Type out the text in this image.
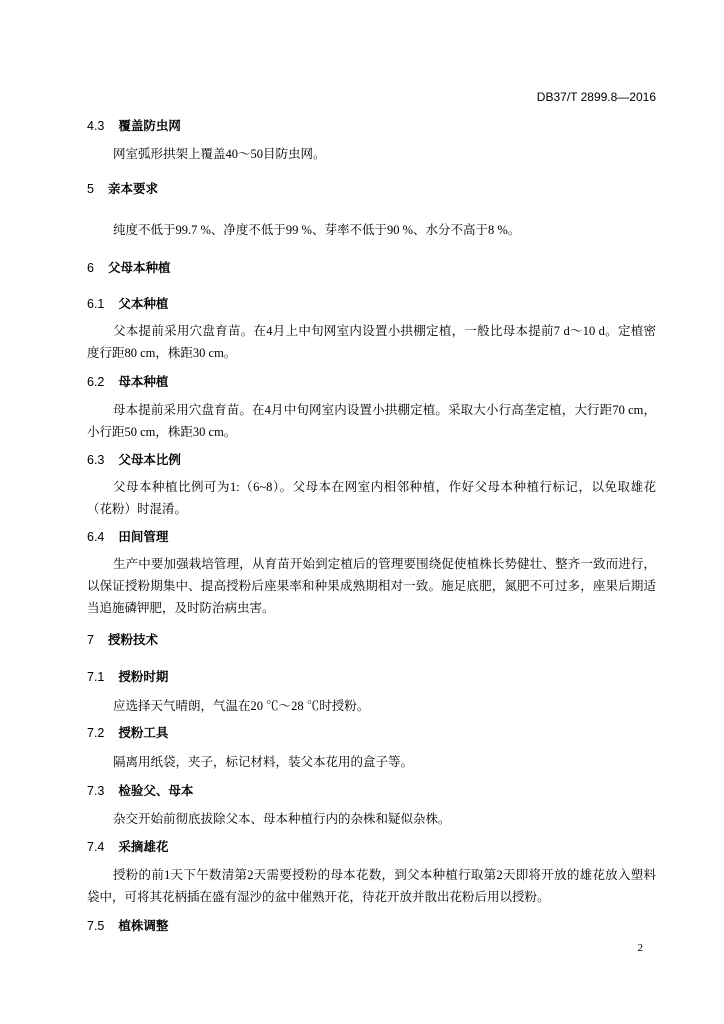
DB37/T 2899.8—2016
4.3 覆盖防虫网
网室弧形拱架上覆盖40～50目防虫网。
5 亲本要求
纯度不低于99.7 %、净度不低于99 %、芽率不低于90 %、水分不高于8 %。
6 父母本种植
6.1 父本种植
父本提前采用穴盘育苗。在4月上中旬网室内设置小拱棚定植，一般比母本提前7 d～10 d。定植密
度行距80 cm，株距30 cm。
6.2 母本种植
母本提前采用穴盘育苗。在4月中旬网室内设置小拱棚定植。采取大小行高垄定植，大行距70 cm，
小行距50 cm，株距30 cm。
6.3 父母本比例
父母本种植比例可为1:（6~8）。父母本在网室内相邻种植，作好父母本种植行标记，以免取雄花
（花粉）时混淆。
6.4 田间管理
生产中要加强栽培管理，从育苗开始到定植后的管理要围绕促使植株长势健壮、整齐一致而进行，
以保证授粉期集中、提高授粉后座果率和种果成熟期相对一致。施足底肥，氮肥不可过多，座果后期适
当追施磷钾肥，及时防治病虫害。
7 授粉技术
7.1 授粉时期
应选择天气晴朗，气温在20 ℃～28 ℃时授粉。
7.2 授粉工具
隔离用纸袋，夹子，标记材料，装父本花用的盒子等。
7.3 检验父、母本
杂交开始前彻底拔除父本、母本种植行内的杂株和疑似杂株。
7.4 采摘雄花
授粉的前1天下午数清第2天需要授粉的母本花数，到父本种植行取第2天即将开放的雄花放入塑料
袋中，可将其花柄插在盛有湿沙的盆中催熟开花，待花开放并散出花粉后用以授粉。
7.5 植株调整
2
